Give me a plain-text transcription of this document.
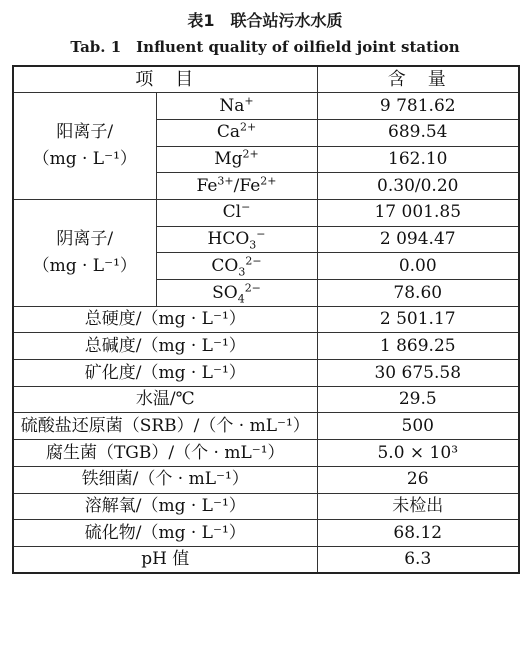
表1　联合站污水水质
Tab. 1　Influent quality of oilfield joint station
项　目		含　量

阳离子/
（mg · L⁻¹）	Na+	9 781.62
	$Ca^{2+}$	689.54
	$Mg^{2+}$	162.10
	$Fe^{3+}/Fe^{2+}$	0.30/0.20

阴离子/
（mg · L⁻¹）	Cl−	17 001.85
	$HCO_3^-$	2 094.47
	$CO_3^{2-}$	0.00
	$SO_4^{2-}$	78.60
总硬度/（mg · L⁻¹）		2 501.17
总碱度/（mg · L⁻¹）		1 869.25
矿化度/（mg · L⁻¹）		30 675.58
水温/℃		29.5
硫酸盐还原菌（SRB）/（个 · mL⁻¹）		500
腐生菌（TGB）/（个 · mL⁻¹）		5.0 × 10³
铁细菌/（个 · mL⁻¹）		26
溶解氧/（mg · L⁻¹）		未检出
硫化物/（mg · L⁻¹）		68.12
pH 值		6.3
